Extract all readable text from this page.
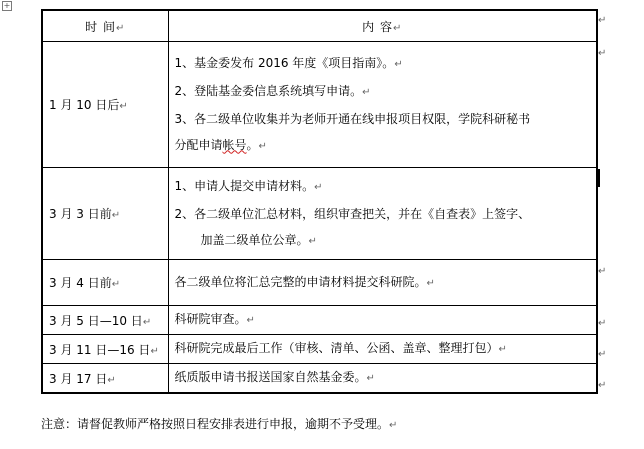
+
时 间↵	内 容↵
1 月 10 日后↵	1、基金委发布 2016 年度《项目指南》。↵
2、登陆基金委信息系统填写申请。↵
3、各二级单位收集并为老师开通在线申报项目权限，学院科研秘书
分配申请帐号。↵

3 月 3 日前↵	1、申请人提交申请材料。↵
2、各二级单位汇总材料，组织审查把关，并在《自查表》上签字、
加盖二级单位公章。↵

3 月 4 日前↵	各二级单位将汇总完整的申请材料提交科研院。↵

3 月 5 日—10 日↵	科研院审查。↵

3 月 11 日—16 日↵	科研院完成最后工作（审核、清单、公函、盖章、整理打包）↵

3 月 17 日↵	纸质版申请书报送国家自然基金委。↵
↵
↵
↵
↵
↵
↵
注意：请督促教师严格按照日程安排表进行申报，逾期不予受理。↵
